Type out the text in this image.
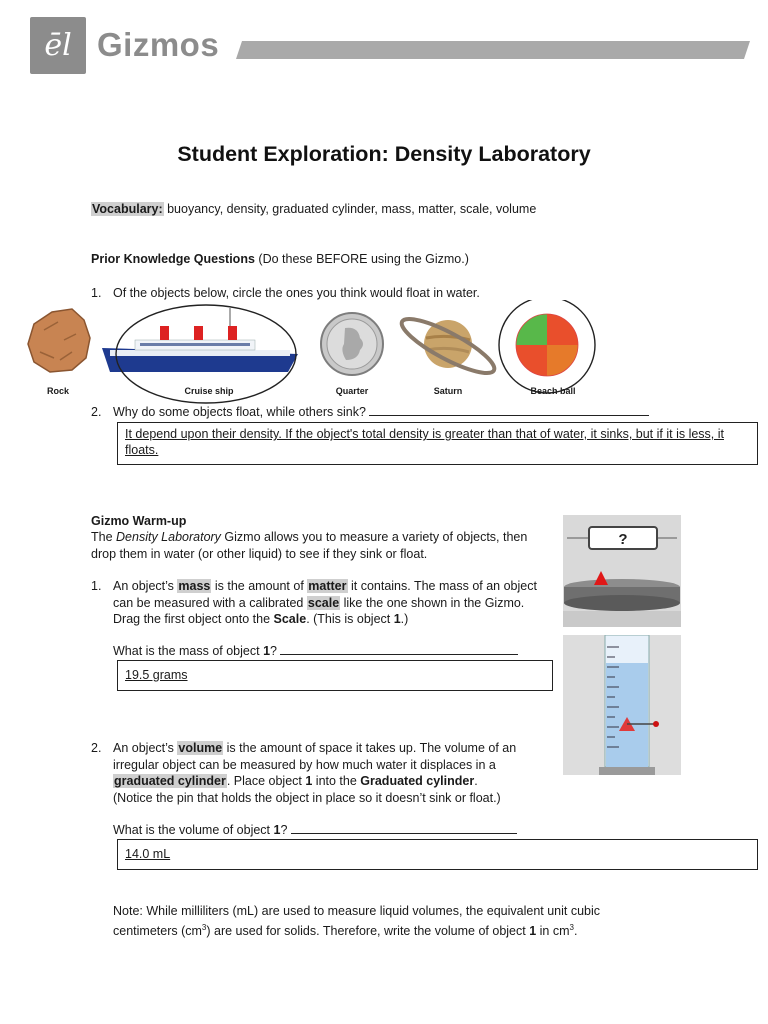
ēl Gizmos
Student Exploration: Density Laboratory
Vocabulary: buoyancy, density, graduated cylinder, mass, matter, scale, volume
Prior Knowledge Questions (Do these BEFORE using the Gizmo.)
1. Of the objects below, circle the ones you think would float in water.
Rock	Cruise ship	Quarter	Saturn	Beach ball
2. Why do some objects float, while others sink?
It depend upon their density. If the object's total density is greater than that of water, it sinks, but if it is less, it floats.
Gizmo Warm-up
The Density Laboratory Gizmo allows you to measure a variety of objects, then drop them in water (or other liquid) to see if they sink or float.
?
1. An object’s mass is the amount of matter it contains. The mass of an object can be measured with a calibrated scale like the one shown in the Gizmo. Drag the first object onto the Scale. (This is object 1.)
What is the mass of object 1?
19.5 grams
2. An object’s volume is the amount of space it takes up. The volume of an irregular object can be measured by how much water it displaces in a graduated cylinder. Place object 1 into the Graduated cylinder.
(Notice the pin that holds the object in place so it doesn’t sink or float.)
What is the volume of object 1?
14.0 mL
Note: While milliliters (mL) are used to measure liquid volumes, the equivalent unit cubic centimeters $(cm^3)$ are used for solids. Therefore, write the volume of object 1 in $cm^3$.
